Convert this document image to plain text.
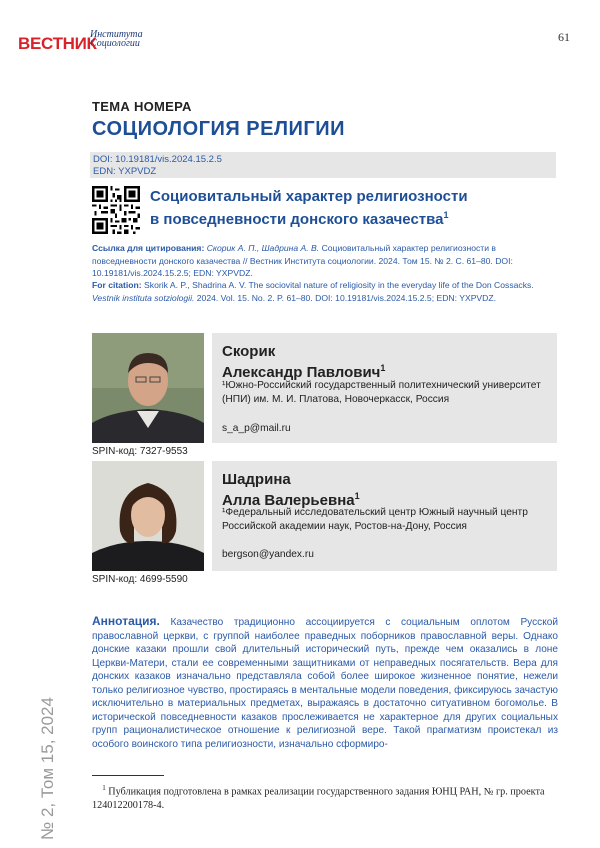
ВЕСТНИК
Института
Социологии	61
ТЕМА НОМЕРА
СОЦИОЛОГИЯ РЕЛИГИИ
DOI: 10.19181/vis.2024.15.2.5
EDN: YXPVDZ
Социовитальный характер религиозности
в повседневности донского казачества$^1$
Ссылка для цитирования: Скорик А. П., Шадрина А. В. Социовитальный характер религиозности в повседневности донского казачества // Вестник Института социологии. 2024. Том 15. № 2. С. 61–80. DOI: 10.19181/vis.2024.15.2.5; EDN: YXPVDZ.
For citation: Skorik A. P., Shadrina A. V. The sociovital nature of religiosity in the everyday life of the Don Cossacks. Vestnik instituta sotziologii. 2024. Vol. 15. No. 2. P. 61–80. DOI: 10.19181/vis.2024.15.2.5; EDN: YXPVDZ.
SPIN-код: 7327-9553
Скорик
Александр Павлович$^1$
¹Южно-Российский государственный политехнический университет (НПИ) им. М. И. Платова, Новочеркасск, Россия
s_a_p@mail.ru
SPIN-код: 4699-5590
Шадрина
Алла Валерьевна$^1$
¹Федеральный исследовательский центр Южный научный центр Российской академии наук, Ростов-на-Дону, Россия
bergson@yandex.ru
№ 2, Том 15, 2024
Аннотация. Казачество традиционно ассоциируется с социальным оплотом Русской православной церкви, с группой наиболее праведных поборников православной веры. Однако донские казаки прошли свой длительный исторический путь, прежде чем оказались в лоне Церкви-Матери, стали ее современными защитниками от неправедных посягательств. Вера для донских казаков изначально представляла собой более широкое жизненное понятие, нежели только религиозное чувство, простираясь в ментальные модели поведения, фиксируюсь зачастую исключительно в материальных предметах, выражаясь в достаточно ситуативном богомолье. В исторической повседневности казаков прослеживается не характерное для других социальных групп рационалистическое отношение к религиозной вере. Такой прагматизм проистекал из особого воинского типа религиозности, изначально сформиро-
$^1$ Публикация подготовлена в рамках реализации государственного задания ЮНЦ РАН, № гр. проекта 124012200178-4.
